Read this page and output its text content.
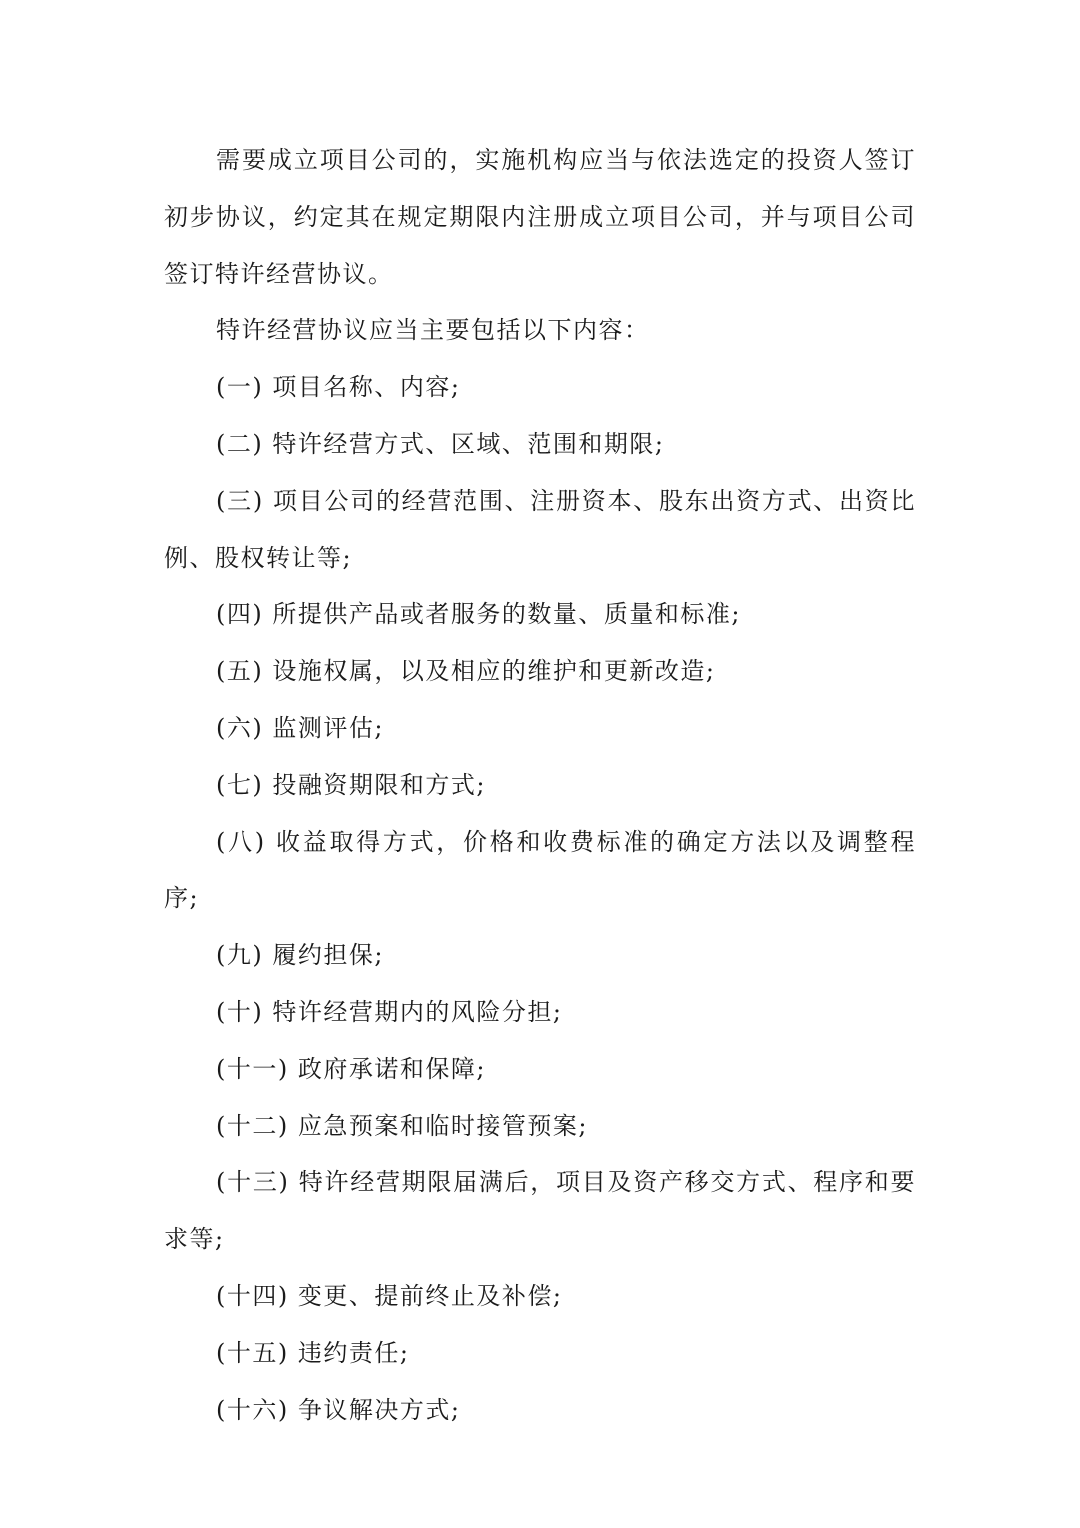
需要成立项目公司的，实施机构应当与依法选定的投资人签订初步协议，约定其在规定期限内注册成立项目公司，并与项目公司签订特许经营协议。

特许经营协议应当主要包括以下内容：

(一) 项目名称、内容;

(二) 特许经营方式、区域、范围和期限;

(三) 项目公司的经营范围、注册资本、股东出资方式、出资比例、股权转让等;

(四) 所提供产品或者服务的数量、质量和标准;

(五) 设施权属，以及相应的维护和更新改造;

(六) 监测评估;

(七) 投融资期限和方式;

(八) 收益取得方式，价格和收费标准的确定方法以及调整程序;

(九) 履约担保;

(十) 特许经营期内的风险分担;

(十一) 政府承诺和保障;

(十二) 应急预案和临时接管预案;

(十三) 特许经营期限届满后，项目及资产移交方式、程序和要求等;

(十四) 变更、提前终止及补偿;

(十五) 违约责任;

(十六) 争议解决方式;
